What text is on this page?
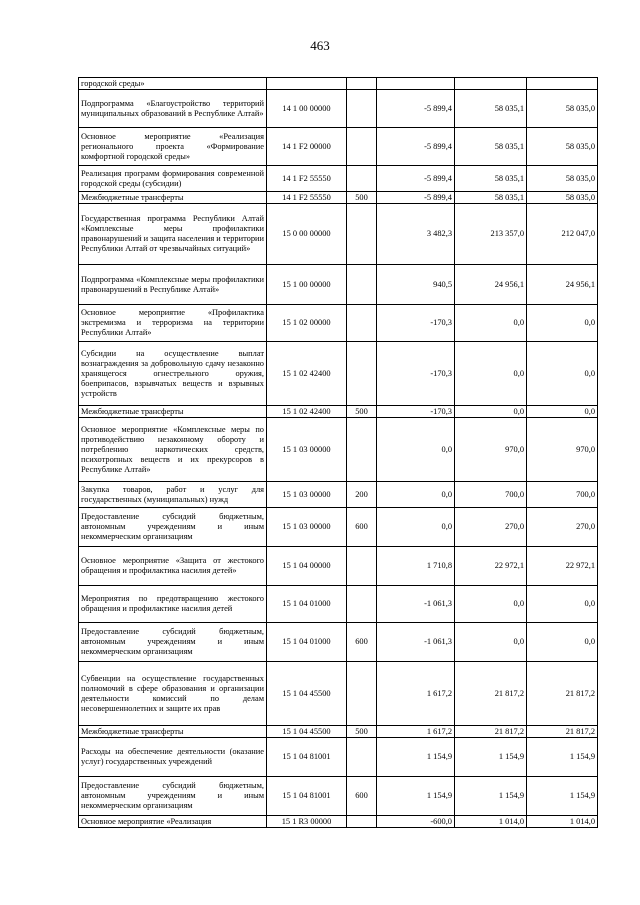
463
городской среды»					
Подпрограмма «Благоустройство территорий муниципальных образований в Республике Алтай»	14 1 00 00000		-5 899,4	58 035,1	58 035,0
Основное мероприятие «Реализация регионального проекта «Формирование комфортной городской среды»	14 1 F2 00000		-5 899,4	58 035,1	58 035,0
Реализация программ формирования современной городской среды (субсидии)	14 1 F2 55550		-5 899,4	58 035,1	58 035,0
Межбюджетные трансферты	14 1 F2 55550	500	-5 899,4	58 035,1	58 035,0
Государственная программа Республики Алтай «Комплексные меры профилактики правонарушений и защита населения и территории Республики Алтай от чрезвычайных ситуаций»	15 0 00 00000		3 482,3	213 357,0	212 047,0
Подпрограмма «Комплексные меры профилактики правонарушений в Республике Алтай»	15 1 00 00000		940,5	24 956,1	24 956,1
Основное мероприятие «Профилактика экстремизма и терроризма на территории Республики Алтай»	15 1 02 00000		-170,3	0,0	0,0
Субсидии на осуществление выплат вознаграждения за добровольную сдачу незаконно хранящегося огнестрельного оружия, боеприпасов, взрывчатых веществ и взрывных устройств	15 1 02 42400		-170,3	0,0	0,0
Межбюджетные трансферты	15 1 02 42400	500	-170,3	0,0	0,0
Основное мероприятие «Комплексные меры по противодействию незаконному обороту и потреблению наркотических средств, психотропных веществ и их прекурсоров в Республике Алтай»	15 1 03 00000		0,0	970,0	970,0
Закупка товаров, работ и услуг для государственных (муниципальных) нужд	15 1 03 00000	200	0,0	700,0	700,0
Предоставление субсидий бюджетным, автономным учреждениям и иным некоммерческим организациям	15 1 03 00000	600	0,0	270,0	270,0
Основное мероприятие «Защита от жестокого обращения и профилактика насилия детей»	15 1 04 00000		1 710,8	22 972,1	22 972,1
Мероприятия по предотвращению жестокого обращения и профилактике насилия детей	15 1 04 01000		-1 061,3	0,0	0,0
Предоставление субсидий бюджетным, автономным учреждениям и иным некоммерческим организациям	15 1 04 01000	600	-1 061,3	0,0	0,0
Субвенции на осуществление государственных полномочий в сфере образования и организации деятельности комиссий по делам несовершеннолетних и защите их прав	15 1 04 45500		1 617,2	21 817,2	21 817,2
Межбюджетные трансферты	15 1 04 45500	500	1 617,2	21 817,2	21 817,2
Расходы на обеспечение деятельности (оказание услуг) государственных учреждений	15 1 04 81001		1 154,9	1 154,9	1 154,9
Предоставление субсидий бюджетным, автономным учреждениям и иным некоммерческим организациям	15 1 04 81001	600	1 154,9	1 154,9	1 154,9
Основное мероприятие «Реализация	15 1 R3 00000		-600,0	1 014,0	1 014,0
